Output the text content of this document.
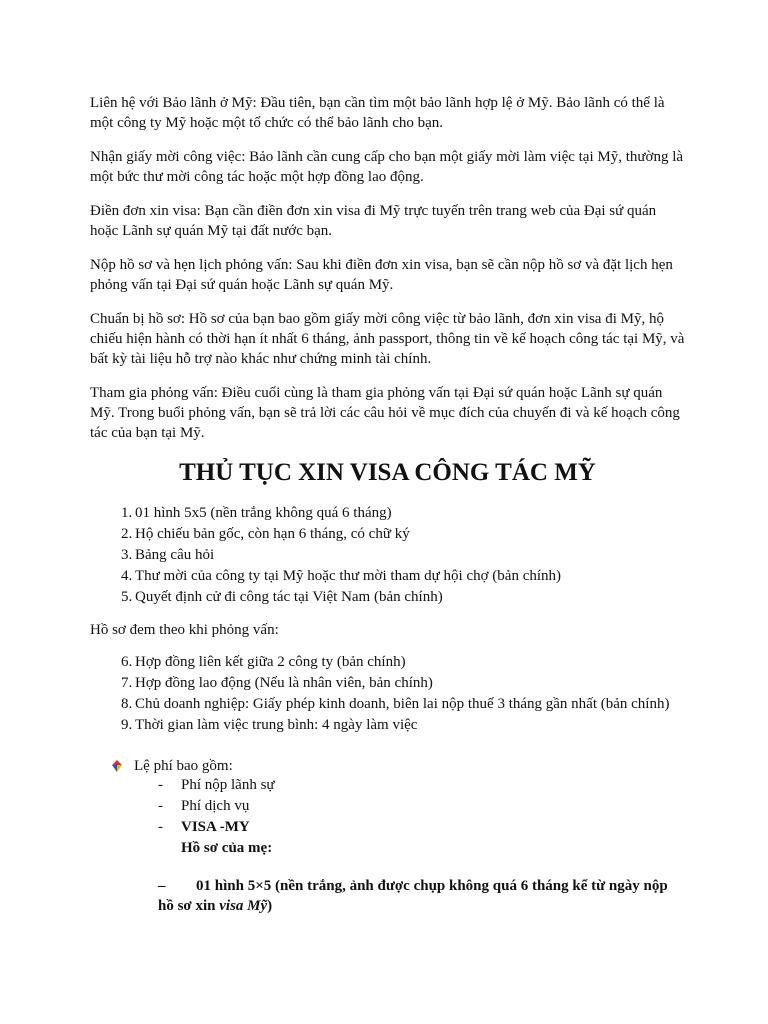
Liên hệ với Bảo lãnh ở Mỹ: Đầu tiên, bạn cần tìm một bảo lãnh hợp lệ ở Mỹ. Bảo lãnh có thể là một công ty Mỹ hoặc một tổ chức có thể bảo lãnh cho bạn.

Nhận giấy mời công việc: Bảo lãnh cần cung cấp cho bạn một giấy mời làm việc tại Mỹ, thường là một bức thư mời công tác hoặc một hợp đồng lao động.

Điền đơn xin visa: Bạn cần điền đơn xin visa đi Mỹ trực tuyến trên trang web của Đại sứ quán hoặc Lãnh sự quán Mỹ tại đất nước bạn.

Nộp hồ sơ và hẹn lịch phỏng vấn: Sau khi điền đơn xin visa, bạn sẽ cần nộp hồ sơ và đặt lịch hẹn phỏng vấn tại Đại sứ quán hoặc Lãnh sự quán Mỹ.

Chuẩn bị hồ sơ: Hồ sơ của bạn bao gồm giấy mời công việc từ bảo lãnh, đơn xin visa đi Mỹ, hộ chiếu hiện hành có thời hạn ít nhất 6 tháng, ảnh passport, thông tin về kế hoạch công tác tại Mỹ, và bất kỳ tài liệu hỗ trợ nào khác như chứng minh tài chính.

Tham gia phỏng vấn: Điều cuối cùng là tham gia phỏng vấn tại Đại sứ quán hoặc Lãnh sự quán Mỹ. Trong buổi phỏng vấn, bạn sẽ trả lời các câu hỏi về mục đích của chuyến đi và kế hoạch công tác của bạn tại Mỹ.

THỦ TỤC XIN VISA CÔNG TÁC MỸ
1. 01 hình 5x5 (nền trắng không quá 6 tháng)
2. Hộ chiếu bản gốc, còn hạn 6 tháng, có chữ ký
3. Bảng câu hỏi
4. Thư mời của công ty tại Mỹ hoặc thư mời tham dự hội chợ (bản chính)
5. Quyết định cử đi công tác tại Việt Nam (bản chính)
Hồ sơ đem theo khi phỏng vấn:
6. Hợp đồng liên kết giữa 2 công ty (bản chính)
7. Hợp đồng lao động (Nếu là nhân viên, bản chính)
8. Chủ doanh nghiệp: Giấy phép kinh doanh, biên lai nộp thuế 3 tháng gần nhất (bản chính)
9. Thời gian làm việc trung bình: 4 ngày làm việc
Lệ phí bao gồm:
-	Phí nộp lãnh sự
-	Phí dịch vụ
-	VISA -MY
Hồ sơ của mẹ:
– 01 hình 5×5 (nền trắng, ảnh được chụp không quá 6 tháng kể từ ngày nộp hồ sơ xin visa Mỹ)
